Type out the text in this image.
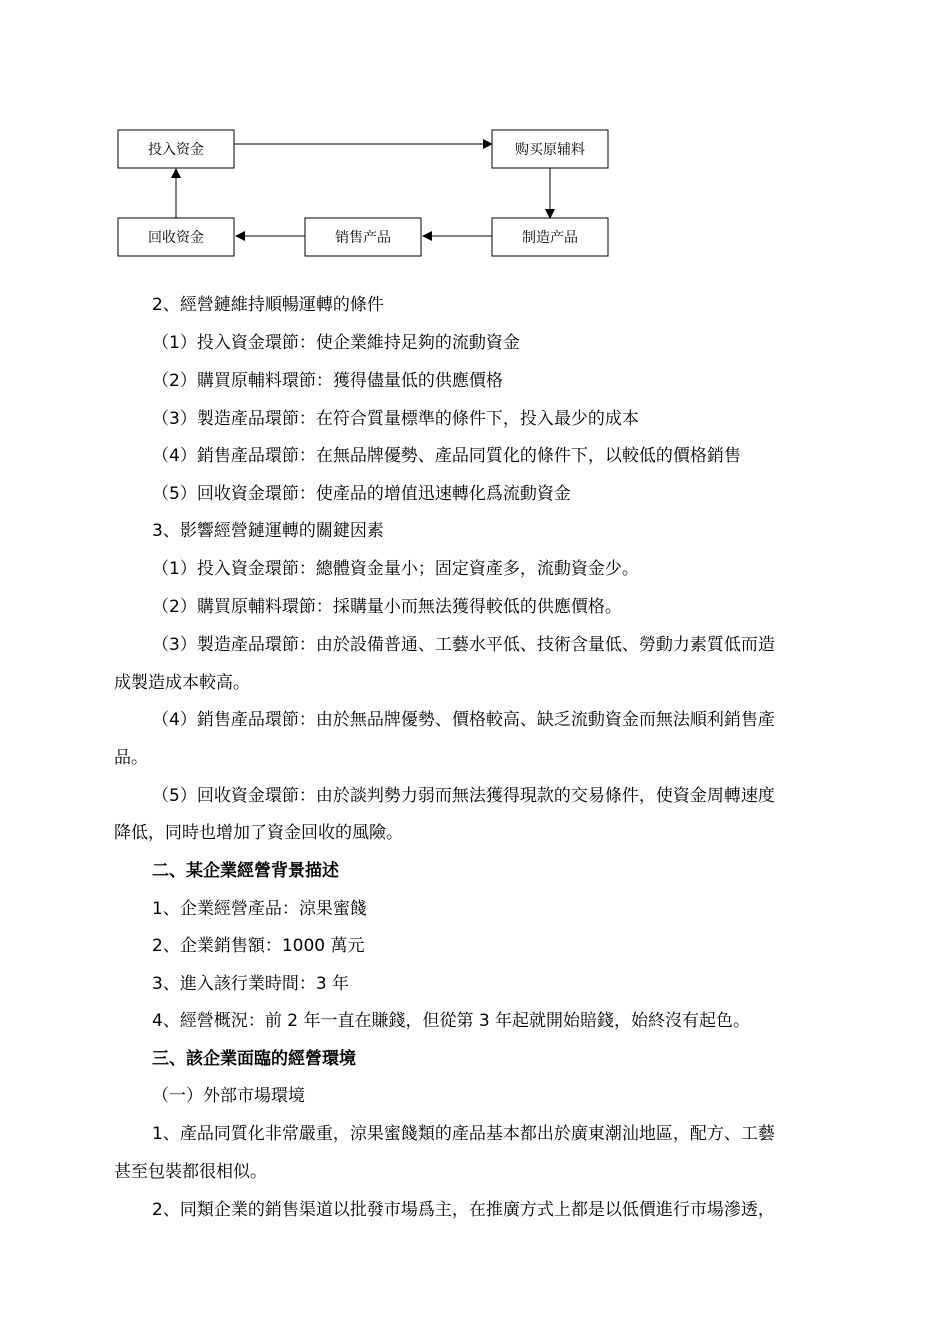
投入资金	购买原辅料
制造产品
销售产品
回收资金
2、經營鏈維持順暢運轉的條件
（1）投入資金環節：使企業維持足夠的流動資金
（2）購買原輔料環節：獲得儘量低的供應價格
（3）製造產品環節：在符合質量標準的條件下，投入最少的成本
（4）銷售產品環節：在無品牌優勢、產品同質化的條件下，以較低的價格銷售
（5）回收資金環節：使產品的增值迅速轉化爲流動資金
3、影響經營鏈運轉的關鍵因素
（1）投入資金環節：總體資金量小；固定資產多，流動資金少。
（2）購買原輔料環節：採購量小而無法獲得較低的供應價格。
（3）製造產品環節：由於設備普通、工藝水平低、技術含量低、勞動力素質低而造
成製造成本較高。
（4）銷售產品環節：由於無品牌優勢、價格較高、缺乏流動資金而無法順利銷售產
品。
（5）回收資金環節：由於談判勢力弱而無法獲得現款的交易條件，使資金周轉速度
降低，同時也增加了資金回收的風險。
二、某企業經營背景描述
1、企業經營產品：涼果蜜餞
2、企業銷售額：1000 萬元
3、進入該行業時間：3 年
4、經營概況：前 2 年一直在賺錢，但從第 3 年起就開始賠錢，始終沒有起色。
三、該企業面臨的經營環境
（一）外部市場環境
1、產品同質化非常嚴重，涼果蜜餞類的產品基本都出於廣東潮汕地區，配方、工藝
甚至包裝都很相似。
2、同類企業的銷售渠道以批發市場爲主，在推廣方式上都是以低價進行市場滲透，
